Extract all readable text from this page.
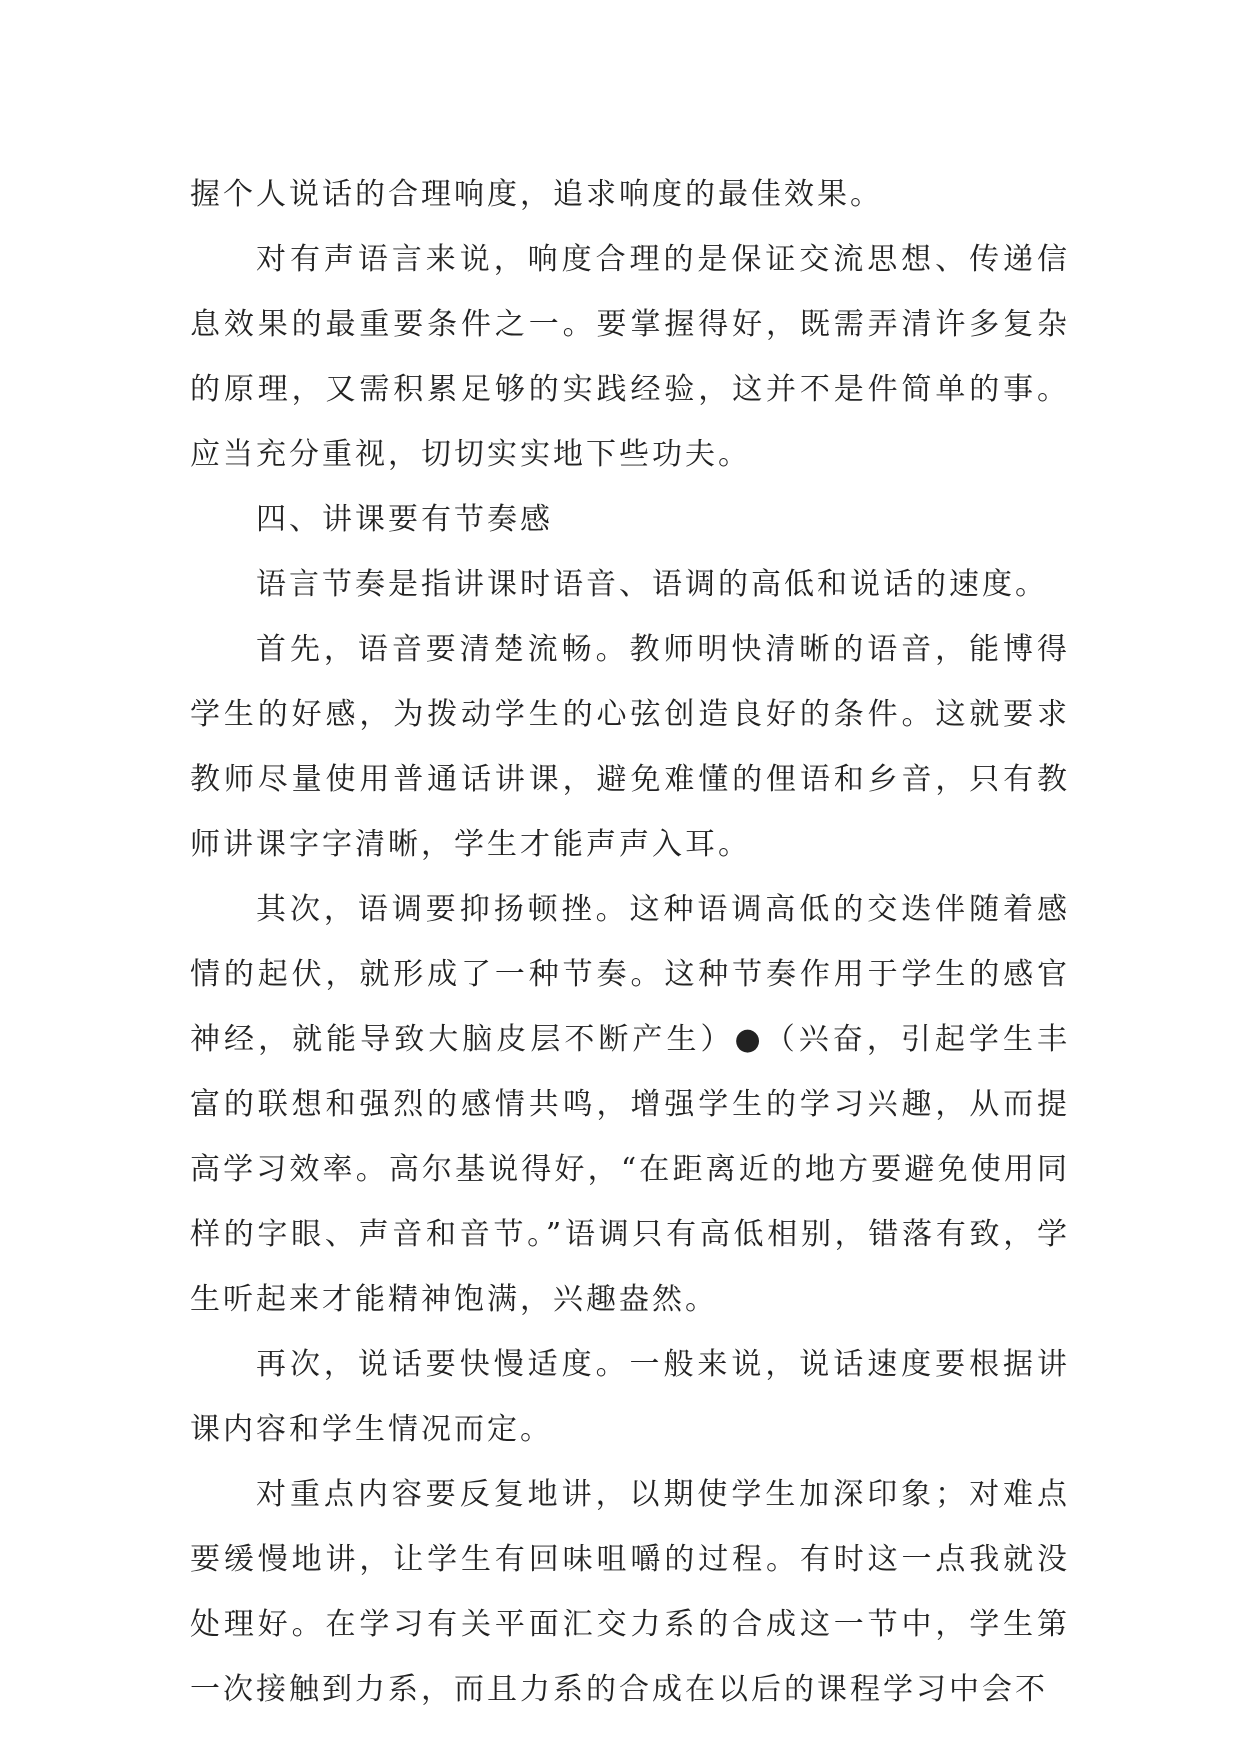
握个人说话的合理响度，追求响度的最佳效果。

对有声语言来说，响度合理的是保证交流思想、传递信息效果的最重要条件之一。要掌握得好，既需弄清许多复杂的原理，又需积累足够的实践经验，这并不是件简单的事。应当充分重视，切切实实地下些功夫。

四、讲课要有节奏感

语言节奏是指讲课时语音、语调的高低和说话的速度。

首先，语音要清楚流畅。教师明快清晰的语音，能博得学生的好感，为拨动学生的心弦创造良好的条件。这就要求教师尽量使用普通话讲课，避免难懂的俚语和乡音，只有教师讲课字字清晰，学生才能声声入耳。

其次，语调要抑扬顿挫。这种语调高低的交迭伴随着感情的起伏，就形成了一种节奏。这种节奏作用于学生的感官神经，就能导致大脑皮层不断产生）●（兴奋，引起学生丰富的联想和强烈的感情共鸣，增强学生的学习兴趣，从而提高学习效率。高尔基说得好，“在距离近的地方要避免使用同样的字眼、声音和音节。”语调只有高低相别，错落有致，学生听起来才能精神饱满，兴趣盎然。

再次，说话要快慢适度。一般来说，说话速度要根据讲课内容和学生情况而定。

对重点内容要反复地讲，以期使学生加深印象；对难点要缓慢地讲，让学生有回味咀嚼的过程。有时这一点我就没处理好。在学习有关平面汇交力系的合成这一节中，学生第一次接触到力系，而且力系的合成在以后的课程学习中会不
